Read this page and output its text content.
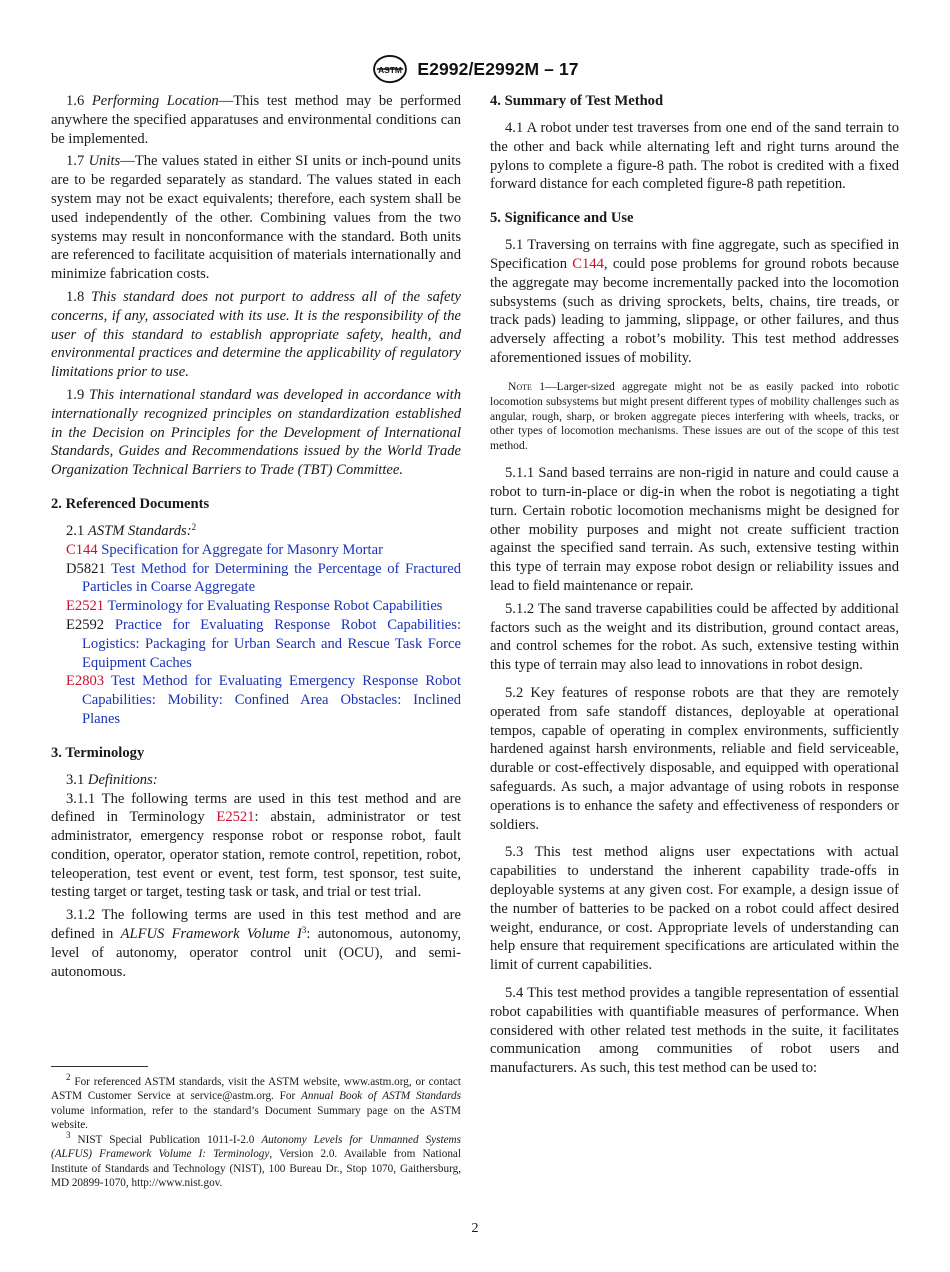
ASTM E2992/E2992M – 17

1.6 Performing Location—This test method may be performed anywhere the specified apparatuses and environmental conditions can be implemented.

1.7 Units—The values stated in either SI units or inch-pound units are to be regarded separately as standard. The values stated in each system may not be exact equivalents; therefore, each system shall be used independently of the other. Combining values from the two systems may result in nonconformance with the standard. Both units are referenced to facilitate acquisition of materials internationally and minimize fabrication costs.

1.8 This standard does not purport to address all of the safety concerns, if any, associated with its use. It is the responsibility of the user of this standard to establish appropriate safety, health, and environmental practices and determine the applicability of regulatory limitations prior to use.

1.9 This international standard was developed in accordance with internationally recognized principles on standardization established in the Decision on Principles for the Development of International Standards, Guides and Recommendations issued by the World Trade Organization Technical Barriers to Trade (TBT) Committee.

2. Referenced Documents

2.1 ASTM Standards:$^2$

C144 Specification for Aggregate for Masonry Mortar

D5821 Test Method for Determining the Percentage of Fractured Particles in Coarse Aggregate

E2521 Terminology for Evaluating Response Robot Capabilities

E2592 Practice for Evaluating Response Robot Capabilities: Logistics: Packaging for Urban Search and Rescue Task Force Equipment Caches

E2803 Test Method for Evaluating Emergency Response Robot Capabilities: Mobility: Confined Area Obstacles: Inclined Planes

3. Terminology

3.1 Definitions:

3.1.1 The following terms are used in this test method and are defined in Terminology E2521: abstain, administrator or test administrator, emergency response robot or response robot, fault condition, operator, operator station, remote control, repetition, robot, teleoperation, test event or event, test form, test sponsor, test suite, testing target or target, testing task or task, and trial or test trial.

3.1.2 The following terms are used in this test method and are defined in ALFUS Framework Volume $I^3$: autonomous, autonomy, level of autonomy, operator control unit (OCU), and semi-autonomous.

$^2$ For referenced ASTM standards, visit the ASTM website, www.astm.org, or contact ASTM Customer Service at service@astm.org. For Annual Book of ASTM Standards volume information, refer to the standard’s Document Summary page on the ASTM website.

$^3$ NIST Special Publication 1011-I-2.0 Autonomy Levels for Unmanned Systems (ALFUS) Framework Volume I: Terminology, Version 2.0. Available from National Institute of Standards and Technology (NIST), 100 Bureau Dr., Stop 1070, Gaithersburg, MD 20899-1070, http://www.nist.gov.

4. Summary of Test Method

4.1 A robot under test traverses from one end of the sand terrain to the other and back while alternating left and right turns around the pylons to complete a figure-8 path. The robot is credited with a fixed forward distance for each completed figure-8 path repetition.

5. Significance and Use

5.1 Traversing on terrains with fine aggregate, such as specified in Specification C144, could pose problems for ground robots because the aggregate may become incrementally packed into the locomotion subsystems (such as driving sprockets, belts, chains, tire treads, or track pads) leading to jamming, slippage, or other failures, and thus adversely affecting a robot’s mobility. This test method addresses aforementioned issues of mobility.

Note 1—Larger-sized aggregate might not be as easily packed into robotic locomotion subsystems but might present different types of mobility challenges such as angular, rough, sharp, or broken aggregate pieces interfering with wheels, tracks, or other types of locomotion mechanisms. These issues are out of the scope of this test method.

5.1.1 Sand based terrains are non-rigid in nature and could cause a robot to turn-in-place or dig-in when the robot is negotiating a tight turn. Certain robotic locomotion mechanisms might be designed for other mobility purposes and might not create sufficient traction against the specified sand terrain. As such, extensive testing within this type of terrain may expose robot design or reliability issues and lead to field maintenance or repair.

5.1.2 The sand traverse capabilities could be affected by additional factors such as the weight and its distribution, ground contact areas, and control schemes for the robot. As such, extensive testing within this type of terrain may also lead to innovations in robot design.

5.2 Key features of response robots are that they are remotely operated from safe standoff distances, deployable at operational tempos, capable of operating in complex environments, sufficiently hardened against harsh environments, reliable and field serviceable, durable or cost-effectively disposable, and equipped with operational safeguards. As such, a major advantage of using robots in response operations is to enhance the safety and effectiveness of responders or soldiers.

5.3 This test method aligns user expectations with actual capabilities to understand the inherent capability trade-offs in deployable systems at any given cost. For example, a design issue of the number of batteries to be packed on a robot could affect desired weight, endurance, or cost. Appropriate levels of understanding can help ensure that requirement specifications are articulated within the limit of current capabilities.

5.4 This test method provides a tangible representation of essential robot capabilities with quantifiable measures of performance. When considered with other related test methods in the suite, it facilitates communication among communities of robot users and manufacturers. As such, this test method can be used to:

2
